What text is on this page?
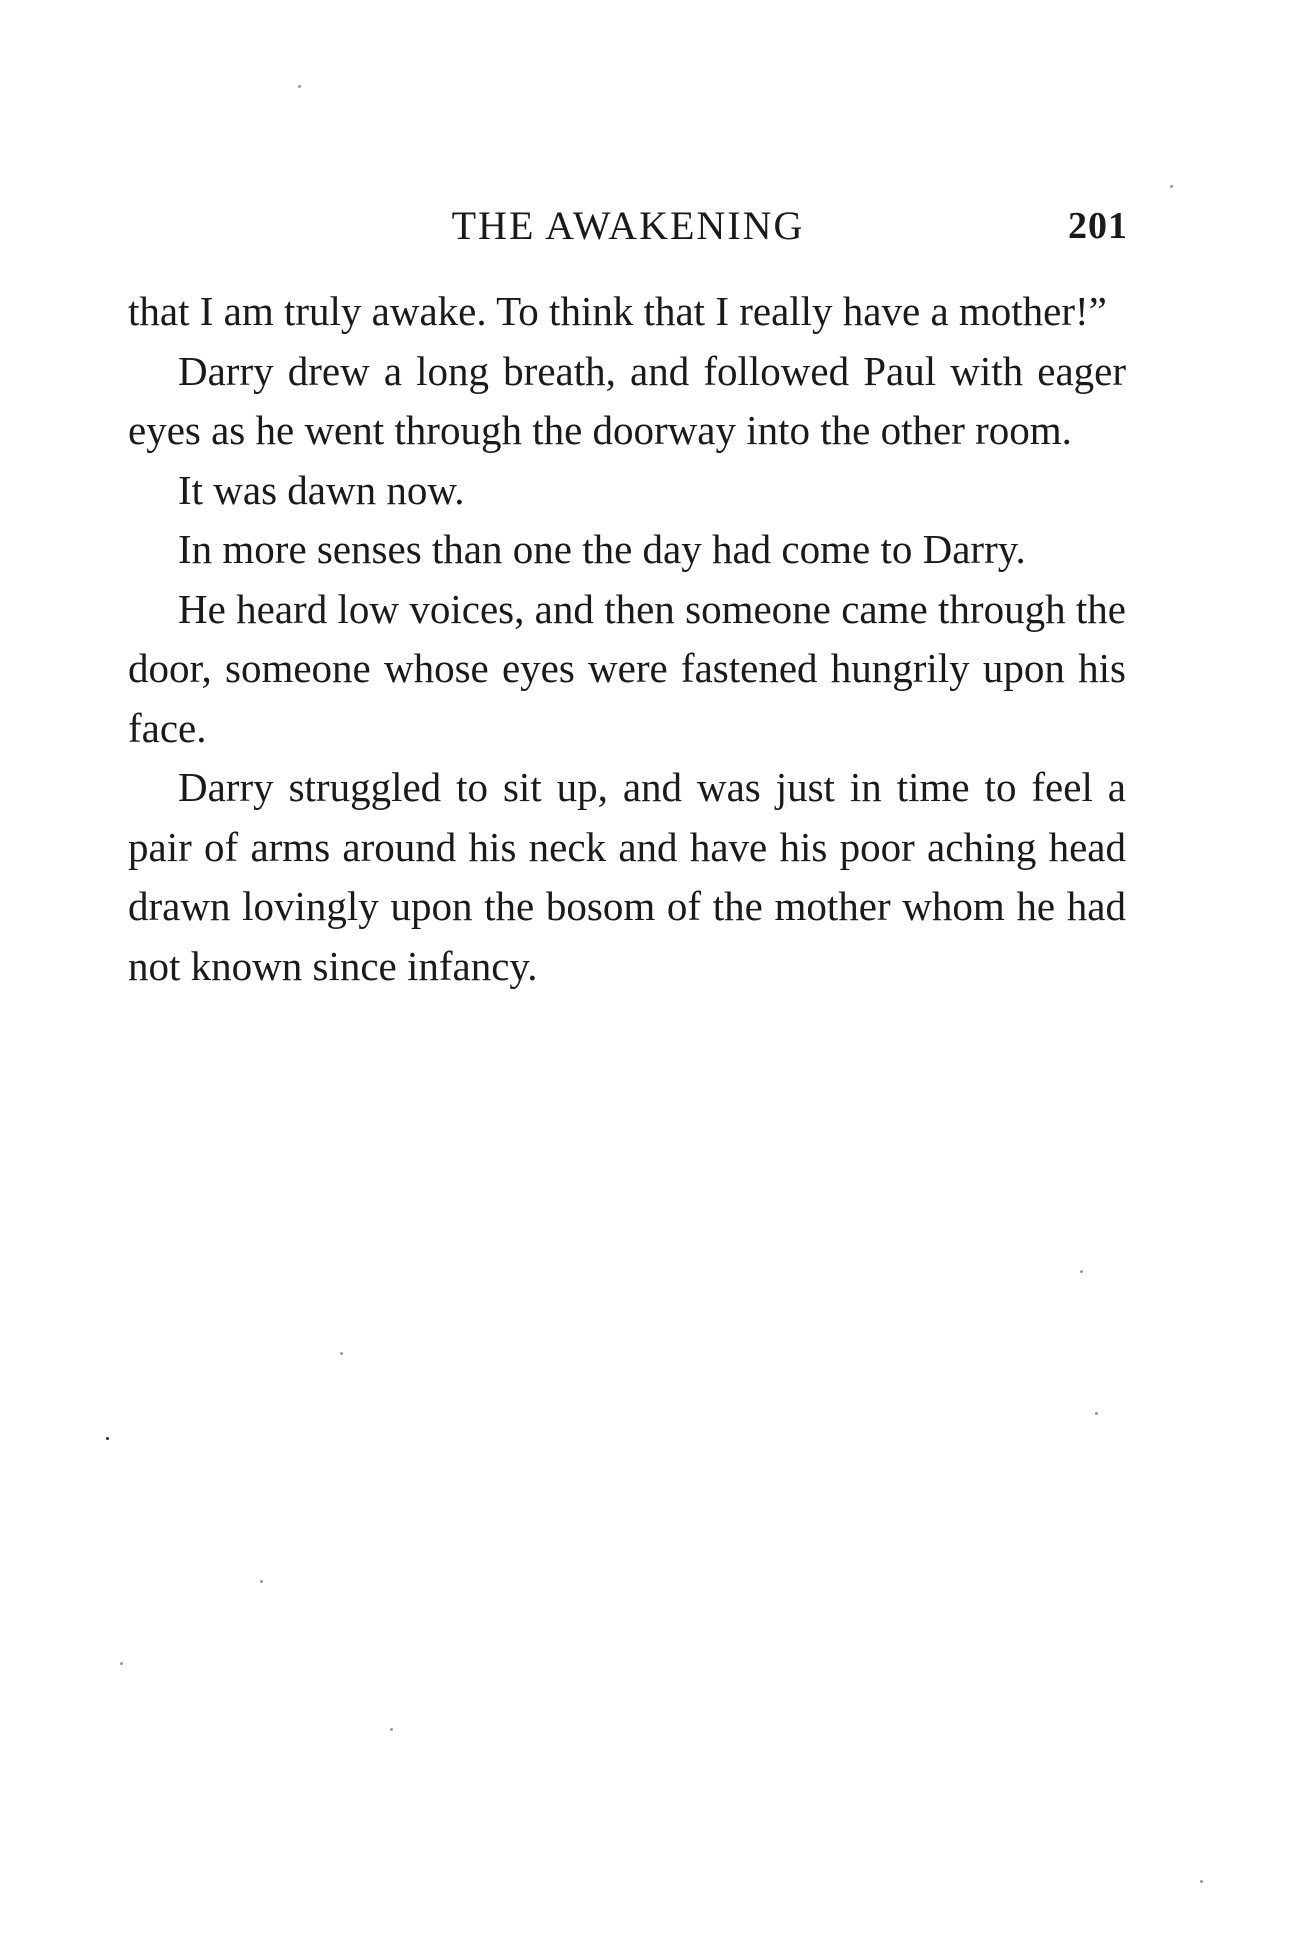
THE AWAKENING	201

that I am truly awake. To think that I really have a mother!”

Darry drew a long breath, and followed Paul with eager eyes as he went through the doorway into the other room.

It was dawn now.

In more senses than one the day had come to Darry.

He heard low voices, and then someone came through the door, someone whose eyes were fastened hungrily upon his face.

Darry struggled to sit up, and was just in time to feel a pair of arms around his neck and have his poor aching head drawn lovingly upon the bosom of the mother whom he had not known since infancy.
